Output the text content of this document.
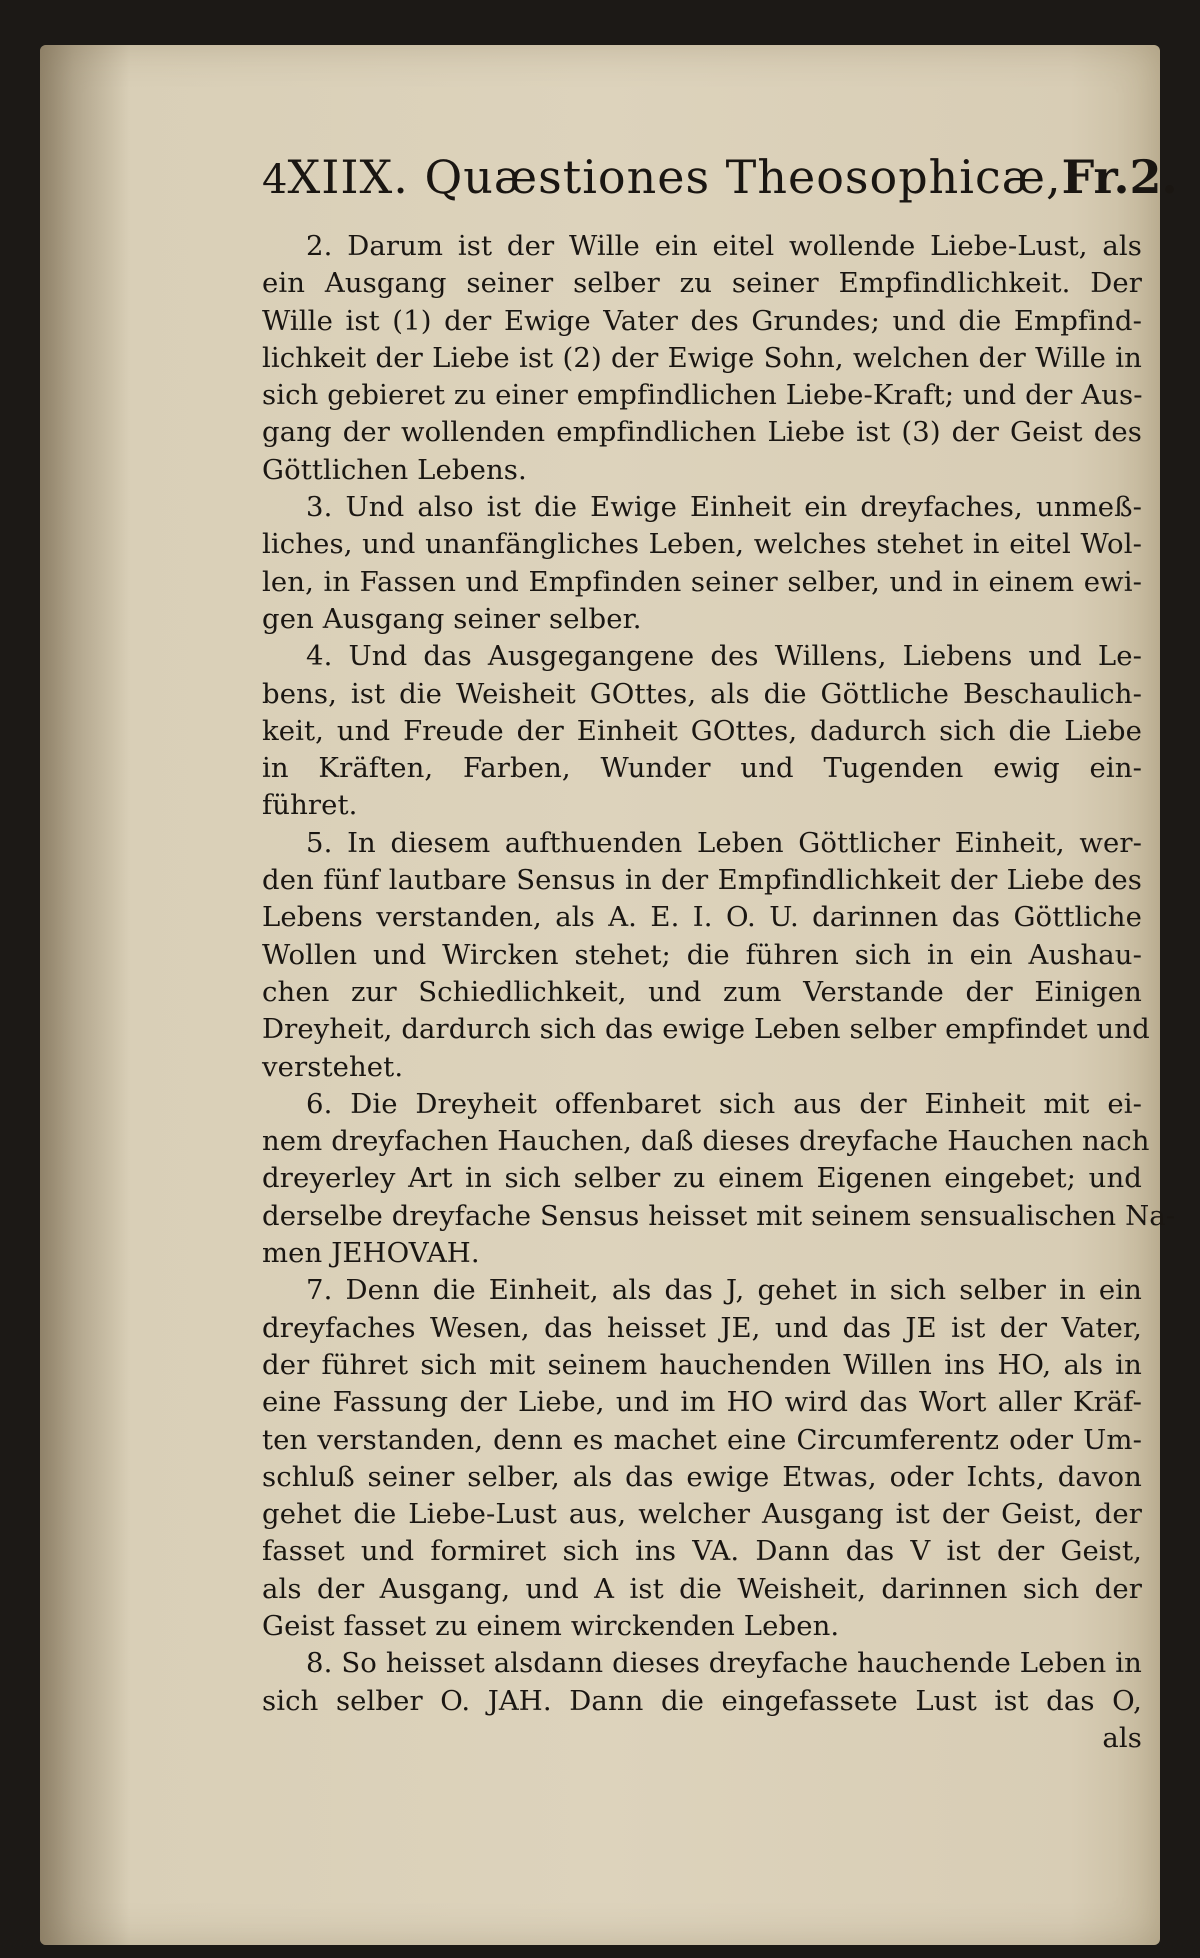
4 XIIX. Quæstiones Theosophicæ, Fr.2.
2. Darum ist der Wille ein eitel wollende Liebe-Lust, als
ein Ausgang seiner selber zu seiner Empfindlichkeit. Der
Wille ist (1) der Ewige Vater des Grundes; und die Empfind-
lichkeit der Liebe ist (2) der Ewige Sohn, welchen der Wille in
sich gebieret zu einer empfindlichen Liebe-Kraft; und der Aus-
gang der wollenden empfindlichen Liebe ist (3) der Geist des
Göttlichen Lebens.
3. Und also ist die Ewige Einheit ein dreyfaches, unmeß-
liches, und unanfängliches Leben, welches stehet in eitel Wol-
len, in Fassen und Empfinden seiner selber, und in einem ewi-
gen Ausgang seiner selber.
4. Und das Ausgegangene des Willens, Liebens und Le-
bens, ist die Weisheit GOttes, als die Göttliche Beschaulich-
keit, und Freude der Einheit GOttes, dadurch sich die Liebe
in Kräften, Farben, Wunder und Tugenden ewig ein-
führet.
5. In diesem aufthuenden Leben Göttlicher Einheit, wer-
den fünf lautbare Sensus in der Empfindlichkeit der Liebe des
Lebens verstanden, als A. E. I. O. U. darinnen das Göttliche
Wollen und Wircken stehet; die führen sich in ein Aushau-
chen zur Schiedlichkeit, und zum Verstande der Einigen
Dreyheit, dardurch sich das ewige Leben selber empfindet und
verstehet.
6. Die Dreyheit offenbaret sich aus der Einheit mit ei-
nem dreyfachen Hauchen, daß dieses dreyfache Hauchen nach
dreyerley Art in sich selber zu einem Eigenen eingebet; und
derselbe dreyfache Sensus heisset mit seinem sensualischen Na-
men JEHOVAH.
7. Denn die Einheit, als das J, gehet in sich selber in ein
dreyfaches Wesen, das heisset JE, und das JE ist der Vater,
der führet sich mit seinem hauchenden Willen ins HO, als in
eine Fassung der Liebe, und im HO wird das Wort aller Kräf-
ten verstanden, denn es machet eine Circumferentz oder Um-
schluß seiner selber, als das ewige Etwas, oder Ichts, davon
gehet die Liebe-Lust aus, welcher Ausgang ist der Geist, der
fasset und formiret sich ins VA. Dann das V ist der Geist,
als der Ausgang, und A ist die Weisheit, darinnen sich der
Geist fasset zu einem wirckenden Leben.
8. So heisset alsdann dieses dreyfache hauchende Leben in
sich selber O. JAH. Dann die eingefassete Lust ist das O,
als
